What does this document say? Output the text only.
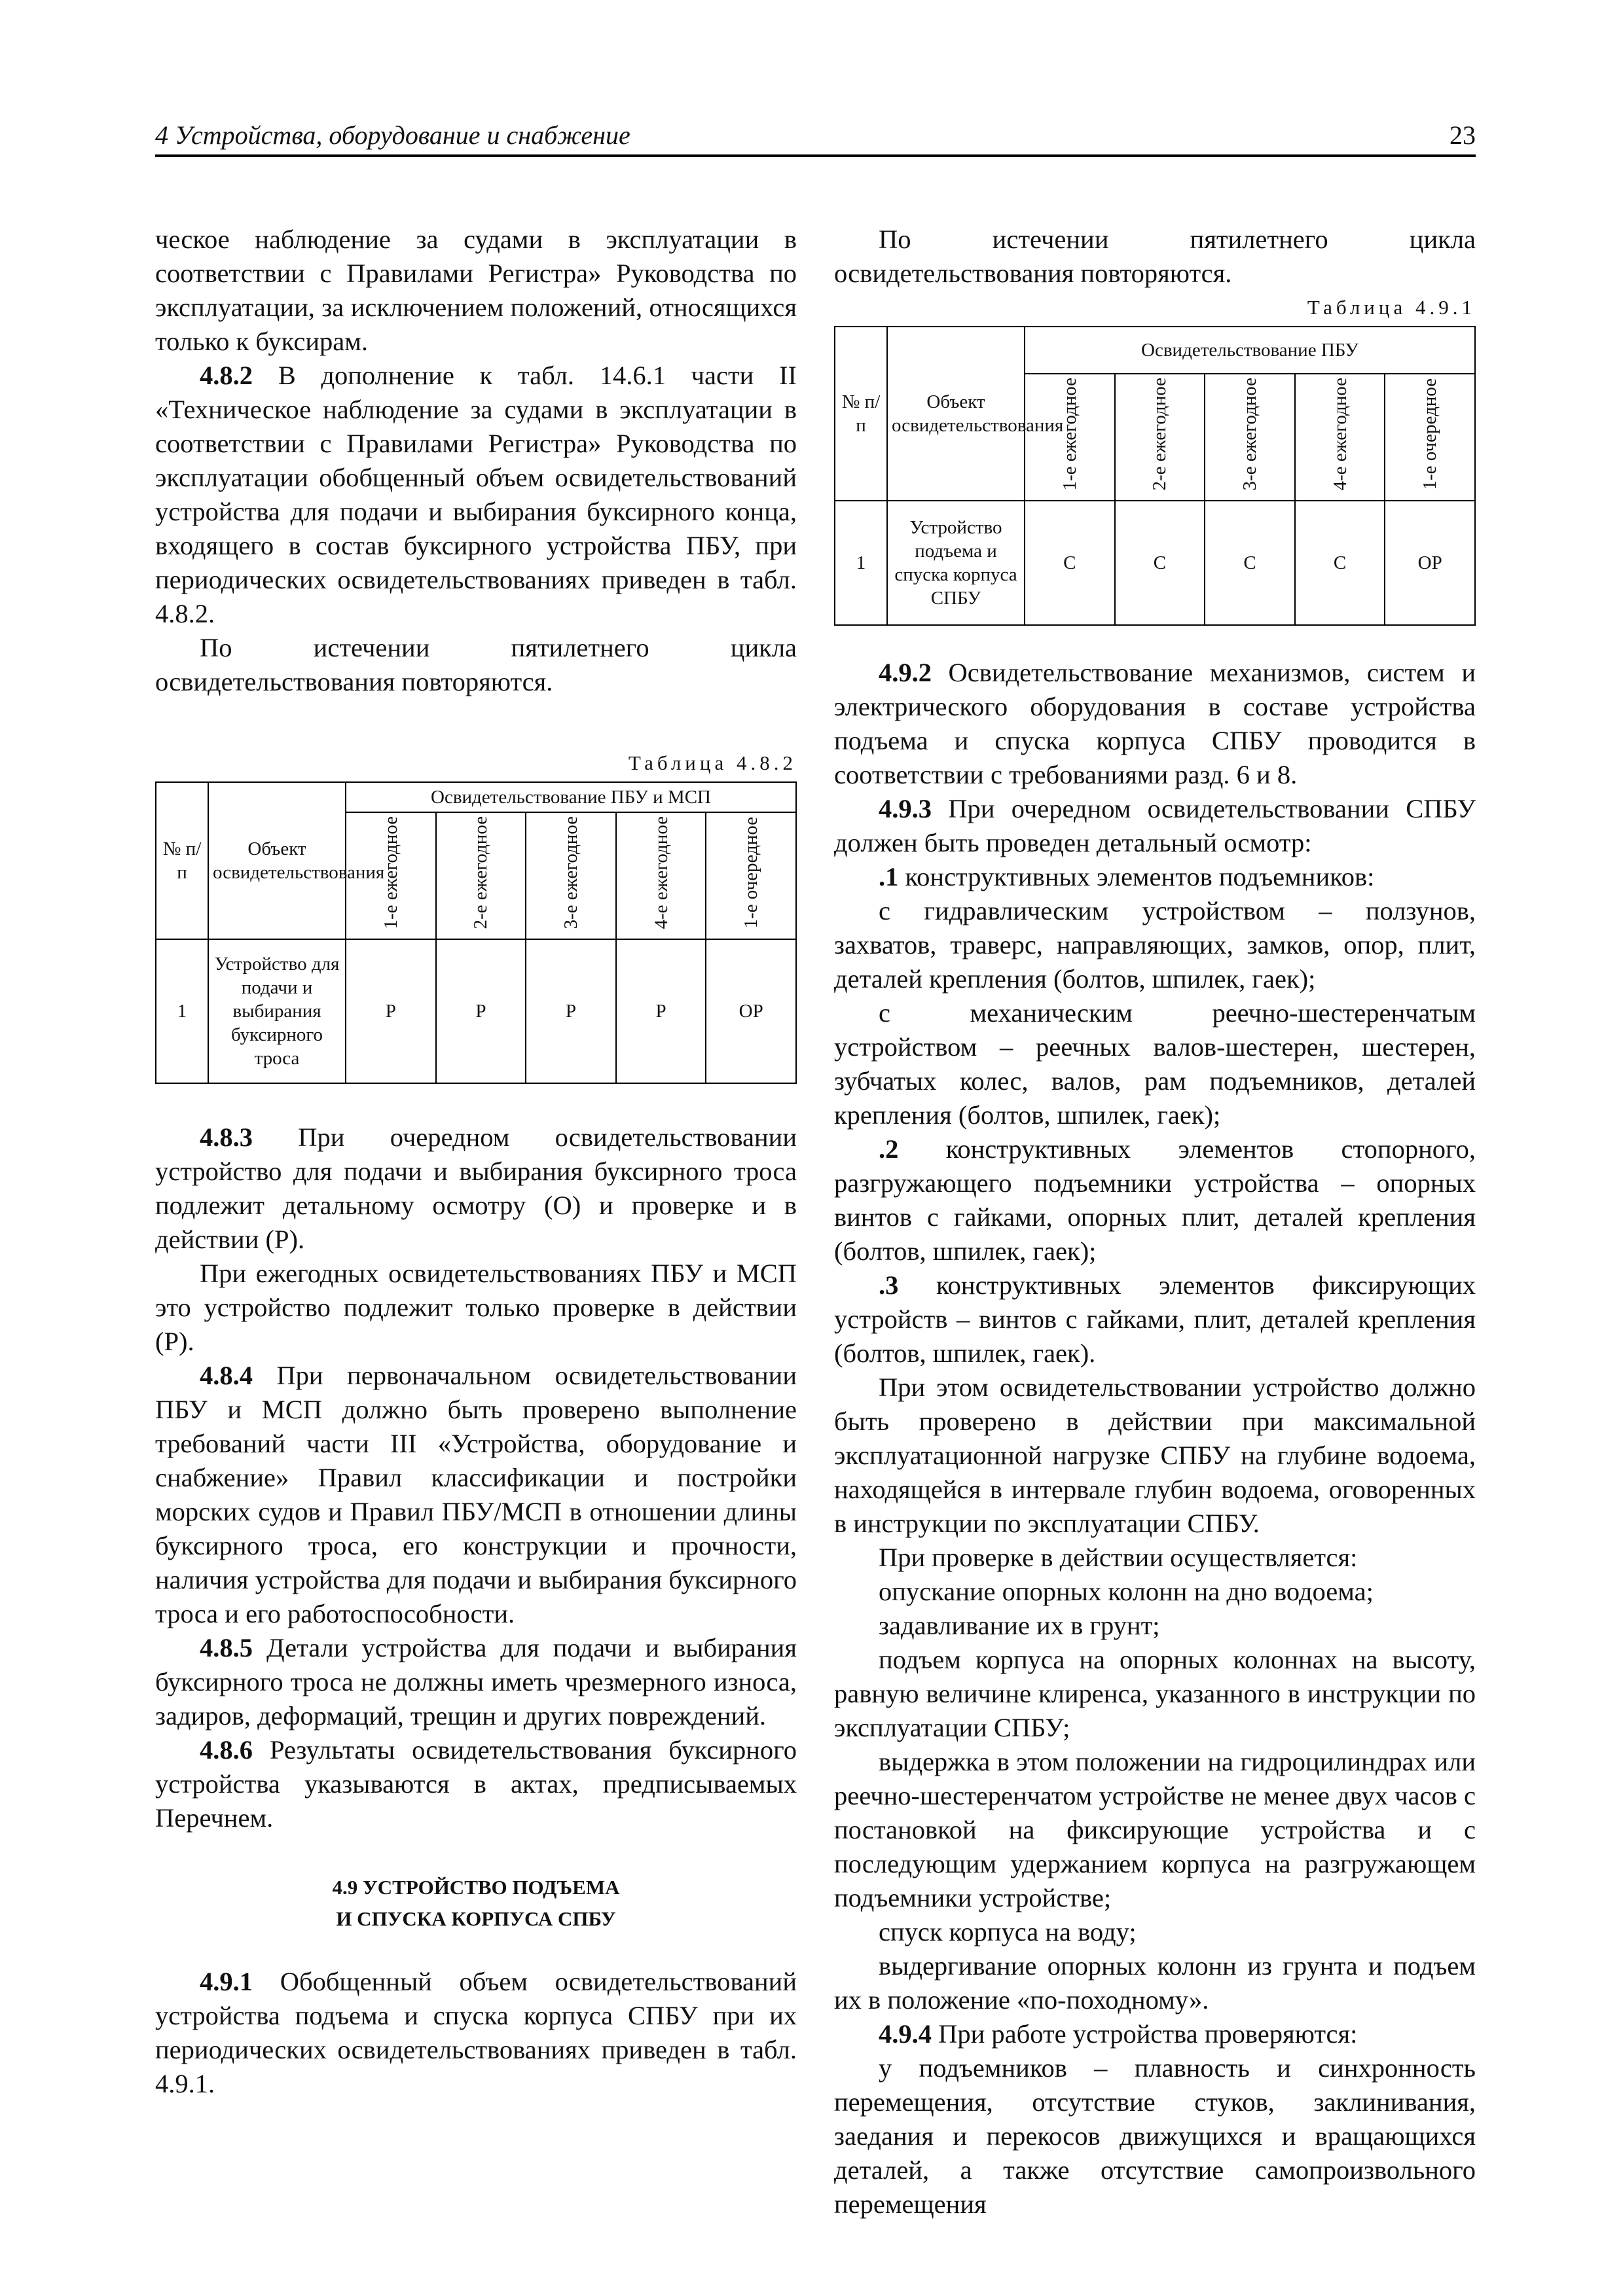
4 Устройства, оборудование и снабжение	23

ческое наблюдение за судами в эксплуатации в соответствии с Правилами Регистра» Руководства по эксплуатации, за исключением положений, относящихся только к буксирам.

4.8.2 В дополнение к табл. 14.6.1 части II «Техническое наблюдение за судами в эксплуатации в соответствии с Правилами Регистра» Руководства по эксплуатации обобщенный объем освидетельствований устройства для подачи и выбирания буксирного конца, входящего в состав буксирного устройства ПБУ, при периодических освидетельствованиях приведен в табл. 4.8.2.

По истечении пятилетнего цикла освидетельствования повторяются.

Таблица 4.8.2
№ п/п	Объект освидетельствования	Освидетельствование ПБУ и МСП				
		1-е ежегодное	2-е ежегодное	3-е ежегодное	4-е ежегодное	1-е очередное
1	Устройство для подачи и выбирания буксирного троса	Р	Р	Р	Р	ОР

4.8.3 При очередном освидетельствовании устройство для подачи и выбирания буксирного троса подлежит детальному осмотру (О) и проверке и в действии (Р).

При ежегодных освидетельствованиях ПБУ и МСП это устройство подлежит только проверке в действии (Р).

4.8.4 При первоначальном освидетельствовании ПБУ и МСП должно быть проверено выполнение требований части III «Устройства, оборудование и снабжение» Правил классификации и постройки морских судов и Правил ПБУ/МСП в отношении длины буксирного троса, его конструкции и прочности, наличия устройства для подачи и выбирания буксирного троса и его работоспособности.

4.8.5 Детали устройства для подачи и выбирания буксирного троса не должны иметь чрезмерного износа, задиров, деформаций, трещин и других повреждений.

4.8.6 Результаты освидетельствования буксирного устройства указываются в актах, предписываемых Перечнем.

4.9 УСТРОЙСТВО ПОДЪЕМА
И СПУСКА КОРПУСА СПБУ

4.9.1 Обобщенный объем освидетельствований устройства подъема и спуска корпуса СПБУ при их периодических освидетельствованиях приведен в табл. 4.9.1.

По истечении пятилетнего цикла освидетельствования повторяются.

Таблица 4.9.1
№ п/п	Объект освидетельствования	Освидетельствование ПБУ				
		1-е ежегодное	2-е ежегодное	3-е ежегодное	4-е ежегодное	1-е очередное
1	Устройство подъема и спуска корпуса СПБУ	С	С	С	С	ОР

4.9.2 Освидетельствование механизмов, систем и электрического оборудования в составе устройства подъема и спуска корпуса СПБУ проводится в соответствии с требованиями разд. 6 и 8.

4.9.3 При очередном освидетельствовании СПБУ должен быть проведен детальный осмотр:

.1 конструктивных элементов подъемников:

с гидравлическим устройством – ползунов, захватов, траверс, направляющих, замков, опор, плит, деталей крепления (болтов, шпилек, гаек);

с механическим реечно-шестеренчатым устройством – реечных валов-шестерен, шестерен, зубчатых колес, валов, рам подъемников, деталей крепления (болтов, шпилек, гаек);

.2 конструктивных элементов стопорного, разгружающего подъемники устройства – опорных винтов с гайками, опорных плит, деталей крепления (болтов, шпилек, гаек);

.3 конструктивных элементов фиксирующих устройств – винтов с гайками, плит, деталей крепления (болтов, шпилек, гаек).

При этом освидетельствовании устройство должно быть проверено в действии при максимальной эксплуатационной нагрузке СПБУ на глубине водоема, находящейся в интервале глубин водоема, оговоренных в инструкции по эксплуатации СПБУ.

При проверке в действии осуществляется:

опускание опорных колонн на дно водоема;

задавливание их в грунт;

подъем корпуса на опорных колоннах на высоту, равную величине клиренса, указанного в инструкции по эксплуатации СПБУ;

выдержка в этом положении на гидроцилиндрах или реечно-шестеренчатом устройстве не менее двух часов с постановкой на фиксирующие устройства и с последующим удержанием корпуса на разгружающем подъемники устройстве;

спуск корпуса на воду;

выдергивание опорных колонн из грунта и подъем их в положение «по-походному».

4.9.4 При работе устройства проверяются:

у подъемников – плавность и синхронность перемещения, отсутствие стуков, заклинивания, заедания и перекосов движущихся и вращающихся деталей, а также отсутствие самопроизвольного перемещения
